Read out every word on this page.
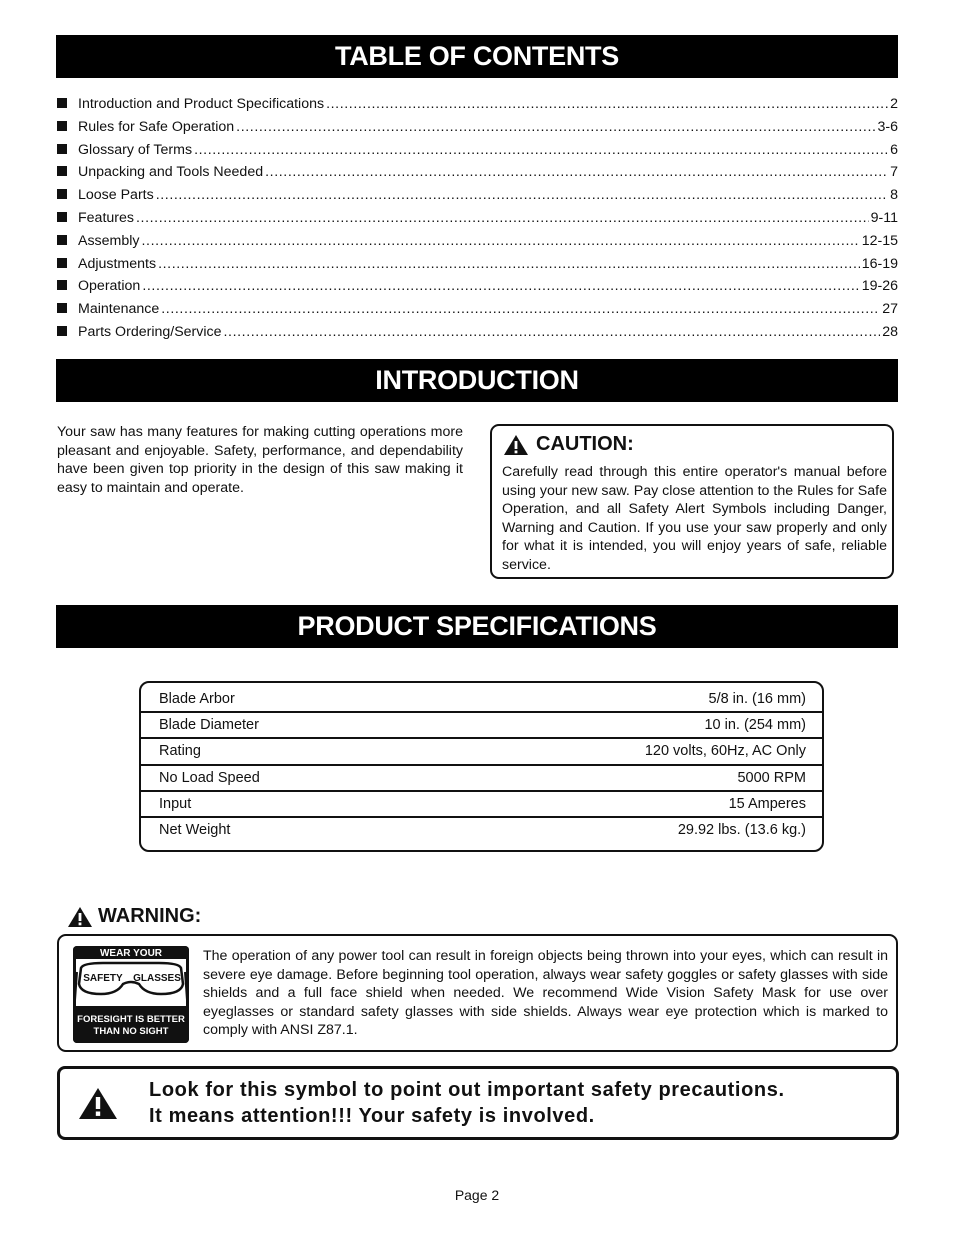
TABLE OF CONTENTS
Introduction and Product Specifications .....	2
Rules for Safe Operation .....	3-6
Glossary of Terms .....	6
Unpacking and Tools Needed .....	7
Loose Parts .....	8
Features .....	9-11
Assembly .....	12-15
Adjustments .....	16-19
Operation .....	19-26
Maintenance .....	27
Parts Ordering/Service .....	28
INTRODUCTION
Your saw has many features for making cutting operations more pleasant and enjoyable. Safety, performance, and dependability have been given top priority in the design of this saw making it easy to maintain and operate.
CAUTION:
Carefully read through this entire operator's manual before using your new saw. Pay close attention to the Rules for Safe Operation, and all Safety Alert Symbols including Danger, Warning and Caution. If you use your saw properly and only for what it is intended, you will enjoy years of safe, reliable service.
PRODUCT SPECIFICATIONS
Blade Arbor	5/8 in. (16 mm)
Blade Diameter	10 in. (254 mm)
Rating	120 volts, 60Hz, AC Only
No Load Speed	5000 RPM
Input	15 Amperes
Net Weight	29.92 lbs. (13.6 kg.)
WARNING:
WEAR YOUR
SAFETY GLASSES
FORESIGHT IS BETTER
THAN NO SIGHT
The operation of any power tool can result in foreign objects being thrown into your eyes, which can result in severe eye damage. Before beginning tool operation, always wear safety goggles or safety glasses with side shields and a full face shield when needed. We recommend Wide Vision Safety Mask for use over eyeglasses or standard safety glasses with side shields. Always wear eye protection which is marked to comply with ANSI Z87.1.
Look for this symbol to point out important safety precautions.
It means attention!!! Your safety is involved.
Page 2
